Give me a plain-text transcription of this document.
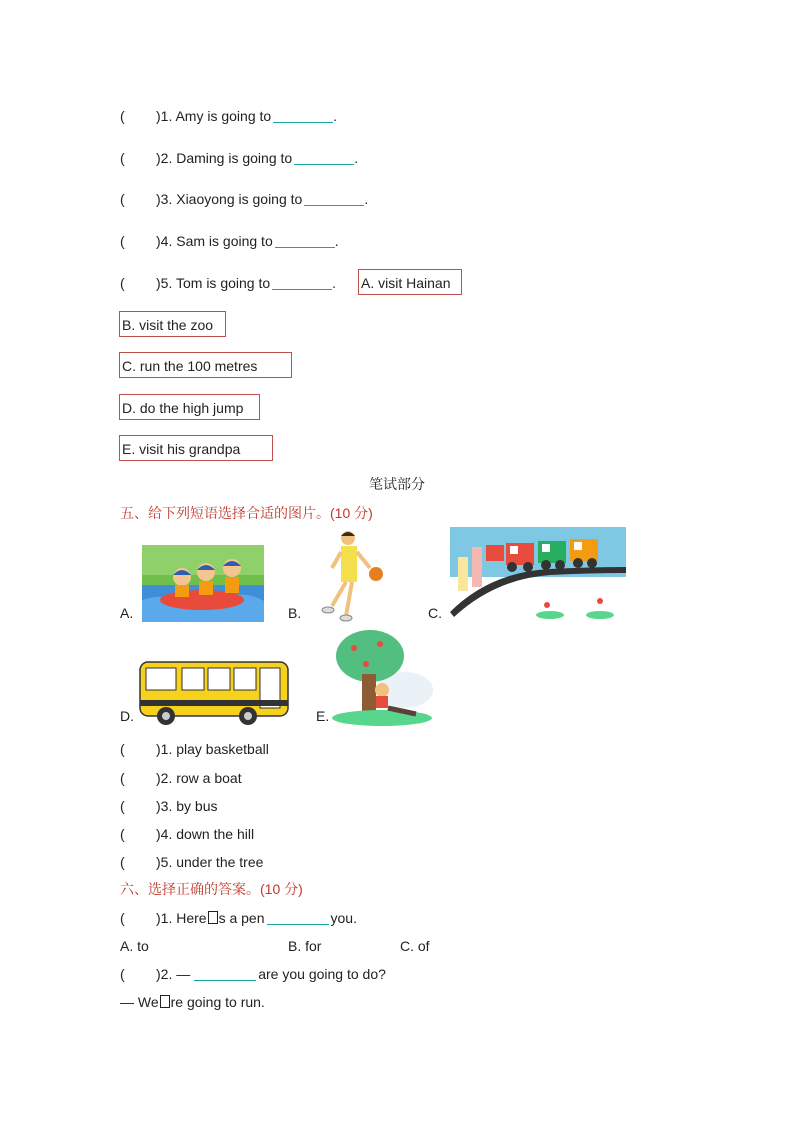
( )1. Amy is going to	.
( )2. Daming is going to	.
( )3. Xiaoyong is going to	.
( )4. Sam is going to	.
( )5. Tom is going to	. A. visit Hainan
B. visit the zoo
C. run the 100 metres
D. do the high jump
E. visit his grandpa
笔试部分
五、给下列短语选择合适的图片。(10 分)
A.	B.	C.
D.	E.
( )1. play basketball
( )2. row a boat
( )3. by bus
( )4. down the hill
( )5. under the tree
六、选择正确的答案。(10 分)
( )1. Here s a pen	you.
A. to	B. for	C. of
( )2. —	are you going to do?
— We re going to run.
